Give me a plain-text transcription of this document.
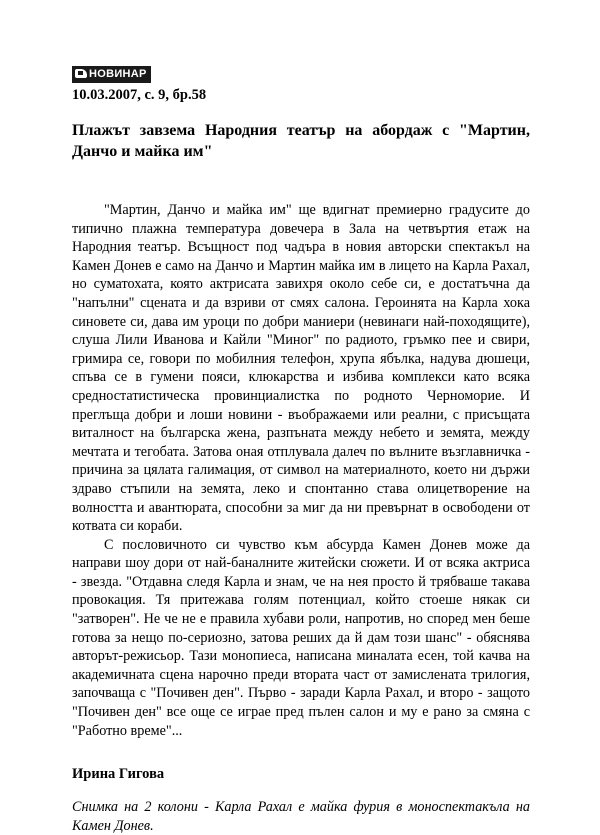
НОВИНАР
10.03.2007, с. 9, бр.58
Плажът завзема Народния театър на абордаж с "Мартин, Данчо и майка им"

"Мартин, Данчо и майка им" ще вдигнат премиерно градусите до типично плажна температура довечера в Зала на четвъртия етаж на Народния театър. Всъщност под чадъра в новия авторски спектакъл на Камен Донев е само на Данчо и Мартин майка им в лицето на Карла Рахал, но суматохата, която актрисата завихря около себе си, е достатъчна да "напълни" сцената и да взриви от смях салона. Героинята на Карла хока синовете си, дава им уроци по добри маниери (невинаги най-походящите), слуша Лили Иванова и Кайли "Миног" по радиото, гръмко пее и свири, гримира се, говори по мобилния телефон, хрупа ябълка, надува дюшеци, спъва се в гумени пояси, клюкарства и избива комплекси като всяка средностатистическа провинциалистка по родното Черноморие. И преглъща добри и лоши новини - въображаеми или реални, с присъщата виталност на българска жена, разпъната между небето и земята, между мечтата и тегобата. Затова оная отплувала далеч по вълните възглавничка - причина за цялата галимация, от символ на материалното, което ни държи здраво стъпили на земята, леко и спонтанно става олицетворение на волността и авантюрата, способни за миг да ни превърнат в освободени от котвата си кораби.

С пословичното си чувство към абсурда Камен Донев може да направи шоу дори от най-баналните житейски сюжети. И от всяка актриса - звезда. "Отдавна следя Карла и знам, че на нея просто й трябваше такава провокация. Тя притежава голям потенциал, който стоеше някак си "затворен". Не че не е правила хубави роли, напротив, но според мен беше готова за нещо по-сериозно, затова реших да й дам този шанс" - обяснява авторът-режисьор. Тази монопиеса, написана миналата есен, той качва на академичната сцена нарочно преди втората част от замислената трилогия, започваща с "Почивен ден". Първо - заради Карла Рахал, и второ - защото "Почивен ден" все още се играе пред пълен салон и му е рано за смяна с "Работно време"...

Ирина Гигова
Снимка на 2 колони - Карла Рахал е майка фурия в моноспектакъла на Камен Донев.
